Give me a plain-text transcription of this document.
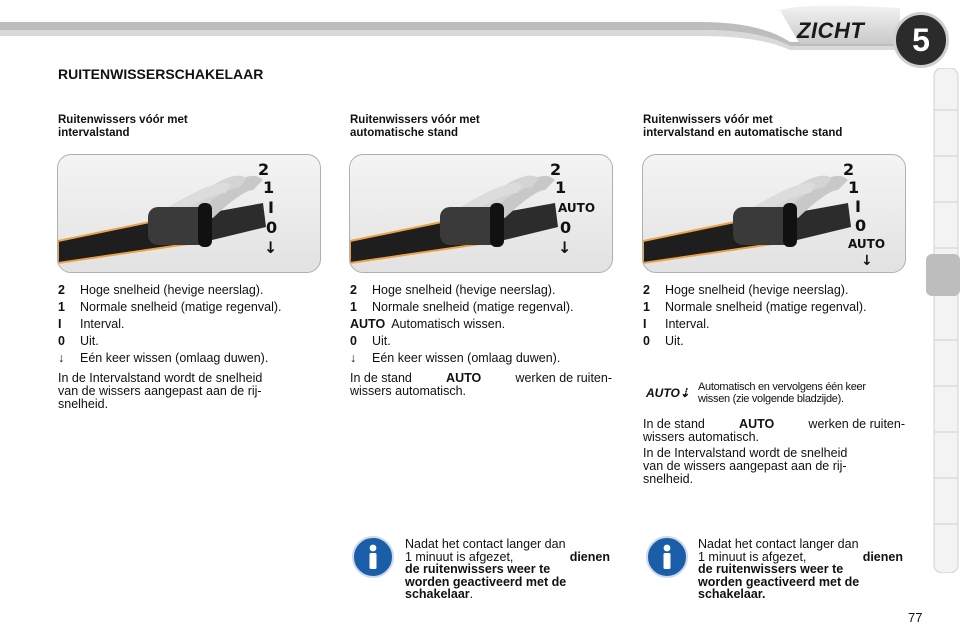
ZICHT	5
RUITENWISSERSCHAKELAAR
Ruitenwissers vóór met
intervalstand
Ruitenwissers vóór met
automatische stand
Ruitenwissers vóór met
intervalstand en automatische stand
2
1
I
0
↓
2
1
AUTO
0
↓
2
1
I
0
AUTO
↓
2	Hoge snelheid (hevige neerslag).
1	Normale snelheid (matige regenval).
I	Interval.
0	Uit.
↓	Eén keer wissen (omlaag duwen).
In de Intervalstand wordt de snelheid
van de wissers aangepast aan de rij-
snelheid.
2	Hoge snelheid (hevige neerslag).
1	Normale snelheid (matige regenval).
AUTO Automatisch wissen.
0	Uit.
↓	Eén keer wissen (omlaag duwen).
In de stand	AUTO	werken de ruiten-
wissers automatisch.
2	Hoge snelheid (hevige neerslag).
1	Normale snelheid (matige regenval).
I	Interval.
0	Uit.
AUTO⇣ Automatisch en vervolgens één keer
wissen (zie volgende bladzijde).
In de stand	AUTO	werken de ruiten-
wissers automatisch.
In de Intervalstand wordt de snelheid
van de wissers aangepast aan de rij-
snelheid.
Nadat het contact langer dan
1 minuut is afgezet,	dienen
de ruitenwissers weer te
worden geactiveerd met de
schakelaar.
Nadat het contact langer dan
1 minuut is afgezet,	dienen
de ruitenwissers weer te
worden geactiveerd met de
schakelaar.
77
